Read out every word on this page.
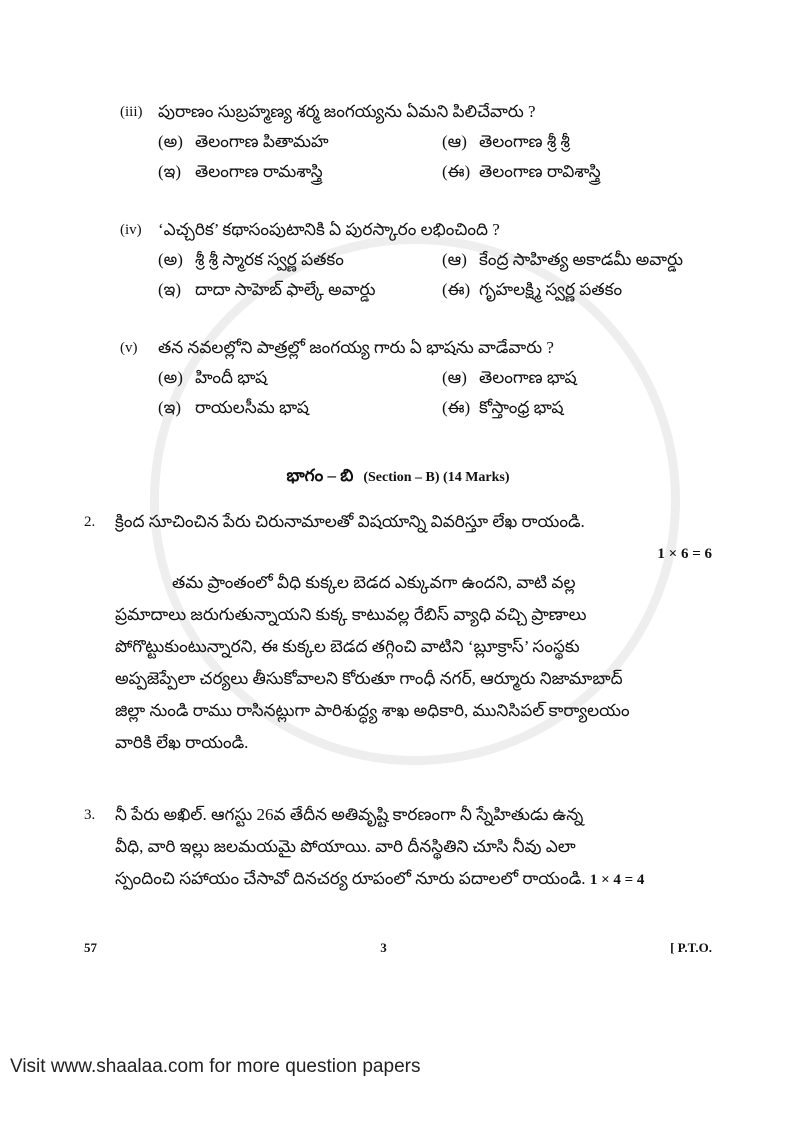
(iii) పురాణం సుబ్రహ్మణ్య శర్మ జంగయ్యను ఏమని పిలిచేవారు ?
(అ) తెలంగాణ పితామహ	(ఆ) తెలంగాణ శ్రీ శ్రీ
(ఇ) తెలంగాణ రామశాస్త్రి	(ఈ) తెలంగాణ రావిశాస్త్రి
(iv) ‘ఎచ్చరిక’ కథాసంపుటానికి ఏ పురస్కారం లభించింది ?
(అ) శ్రీ శ్రీ స్మారక స్వర్ణ పతకం	(ఆ) కేంద్ర సాహిత్య అకాడమీ అవార్డు
(ఇ) దాదా సాహెబ్ ఫాల్కే అవార్డు	(ఈ) గృహలక్ష్మి స్వర్ణ పతకం
(v)	తన నవలల్లోని పాత్రల్లో జంగయ్య గారు ఏ భాషను వాడేవారు ?
(అ) హిందీ భాష	(ఆ) తెలంగాణ భాష
(ఇ) రాయలసీమ భాష	(ఈ) కోస్తాంధ్ర భాష
భాగం – బి (Section – B) (14 Marks)
2.	క్రింద సూచించిన పేరు చిరునామాలతో విషయాన్ని వివరిస్తూ లేఖ రాయండి.
1 × 6 = 6
తమ ప్రాంతంలో వీధి కుక్కల బెడద ఎక్కువగా ఉందని, వాటి వల్ల
ప్రమాదాలు జరుగుతున్నాయని కుక్క కాటువల్ల రేబిస్ వ్యాధి వచ్చి ప్రాణాలు
పోగొట్టుకుంటున్నారని, ఈ కుక్కల బెడద తగ్గించి వాటిని ‘బ్లూక్రాస్’ సంస్థకు
అప్పజెప్పేలా చర్యలు తీసుకోవాలని కోరుతూ గాంధీ నగర్, ఆర్మూరు నిజామాబాద్
జిల్లా నుండి రాము రాసినట్లుగా పారిశుద్ధ్య శాఖ అధికారి, మునిసిపల్ కార్యాలయం
వారికి లేఖ రాయండి.
3.	నీ పేరు అఖిల్. ఆగస్టు 26వ తేదీన అతివృష్టి కారణంగా నీ స్నేహితుడు ఉన్న
వీధి, వారి ఇల్లు జలమయమై పోయాయి. వారి దీనస్థితిని చూసి నీవు ఎలా
స్పందించి సహాయం చేసావో దినచర్య రూపంలో నూరు పదాలలో రాయండి. 1 × 4 = 4
57	3	[ P.T.O.
Visit www.shaalaa.com for more question papers
